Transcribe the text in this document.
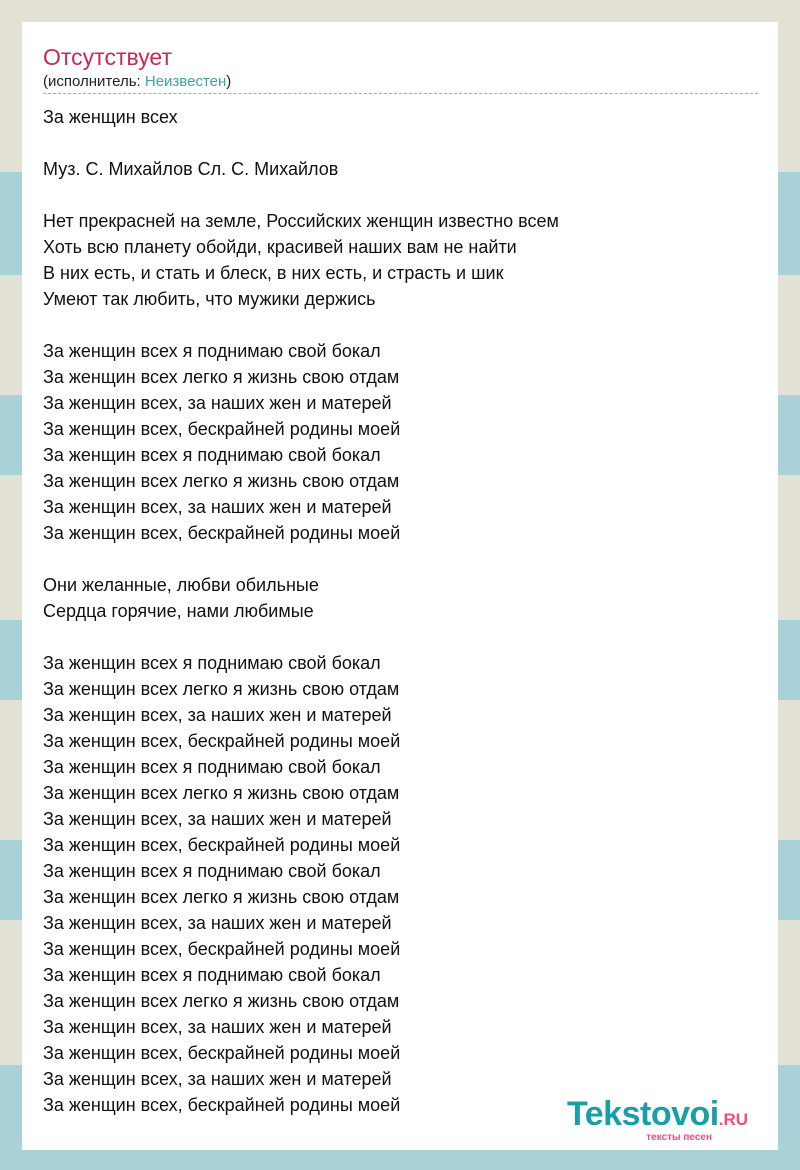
Отсутствует
(исполнитель: Неизвестен)
За женщин всех
Муз. С. Михайлов Сл. С. Михайлов
Нет прекрасней на земле, Российских женщин известно всем
Хоть всю планету обойди, красивей наших вам не найти
В них есть, и стать и блеск, в них есть, и страсть и шик
Умеют так любить, что мужики держись
За женщин всех я поднимаю свой бокал
За женщин всех легко я жизнь свою отдам
За женщин всех, за наших жен и матерей
За женщин всех, бескрайней родины моей
За женщин всех я поднимаю свой бокал
За женщин всех легко я жизнь свою отдам
За женщин всех, за наших жен и матерей
За женщин всех, бескрайней родины моей
Они желанные, любви обильные
Сердца горячие, нами любимые
За женщин всех я поднимаю свой бокал
За женщин всех легко я жизнь свою отдам
За женщин всех, за наших жен и матерей
За женщин всех, бескрайней родины моей
За женщин всех я поднимаю свой бокал
За женщин всех легко я жизнь свою отдам
За женщин всех, за наших жен и матерей
За женщин всех, бескрайней родины моей
За женщин всех я поднимаю свой бокал
За женщин всех легко я жизнь свою отдам
За женщин всех, за наших жен и матерей
За женщин всех, бескрайней родины моей
За женщин всех я поднимаю свой бокал
За женщин всех легко я жизнь свою отдам
За женщин всех, за наших жен и матерей
За женщин всех, бескрайней родины моей
За женщин всех, за наших жен и матерей
За женщин всех, бескрайней родины моей	Tekstovoi.RU
тексты песен
